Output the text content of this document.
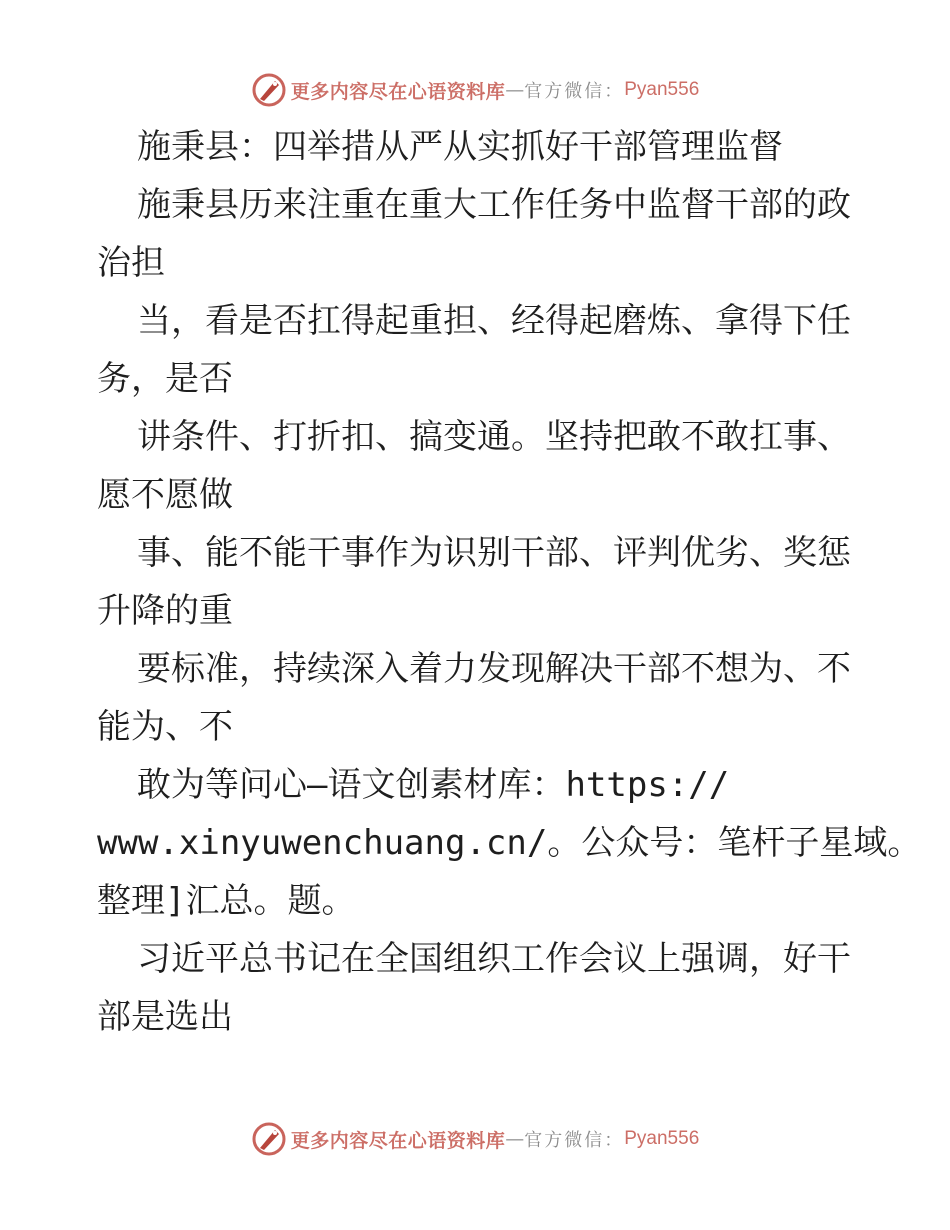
更多内容尽在心语资料库 — 官方微信： Pyan556
施秉县：四举措从严从实抓好干部管理监督
施秉县历来注重在重大工作任务中监督干部的政
治担
当，看是否扛得起重担、经得起磨炼、拿得下任
务，是否
讲条件、打折扣、搞变通。坚持把敢不敢扛事、
愿不愿做
事、能不能干事作为识别干部、评判优劣、奖惩
升降的重
要标准，持续深入着力发现解决干部不想为、不
能为、不
敢为等问心—语文创素材库：https://
www.xinyuwenchuang.cn/。公众号：笔杆子星域。
整理]汇总。题。
习近平总书记在全国组织工作会议上强调，好干
部是选出
更多内容尽在心语资料库 — 官方微信： Pyan556
